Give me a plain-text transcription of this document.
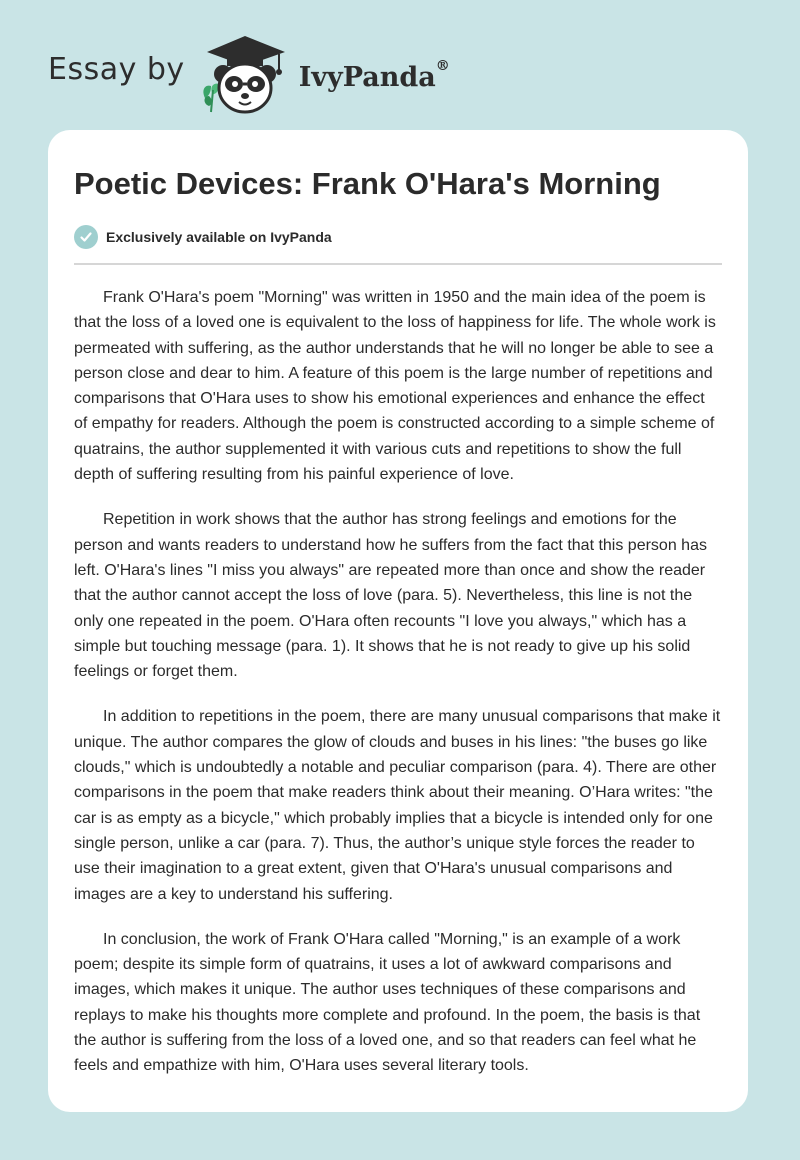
Essay by	IvyPanda®
Poetic Devices: Frank O'Hara's Morning
Exclusively available on IvyPanda

Frank O'Hara's poem "Morning" was written in 1950 and the main idea of the poem is that the loss of a loved one is equivalent to the loss of happiness for life. The whole work is permeated with suffering, as the author understands that he will no longer be able to see a person close and dear to him. A feature of this poem is the large number of repetitions and comparisons that O'Hara uses to show his emotional experiences and enhance the effect of empathy for readers. Although the poem is constructed according to a simple scheme of quatrains, the author supplemented it with various cuts and repetitions to show the full depth of suffering resulting from his painful experience of love.

Repetition in work shows that the author has strong feelings and emotions for the person and wants readers to understand how he suffers from the fact that this person has left. O'Hara's lines "I miss you always" are repeated more than once and show the reader that the author cannot accept the loss of love (para. 5). Nevertheless, this line is not the only one repeated in the poem. O'Hara often recounts "I love you always," which has a simple but touching message (para. 1). It shows that he is not ready to give up his solid feelings or forget them.

In addition to repetitions in the poem, there are many unusual comparisons that make it unique. The author compares the glow of clouds and buses in his lines: "the buses go like clouds," which is undoubtedly a notable and peculiar comparison (para. 4). There are other comparisons in the poem that make readers think about their meaning. O’Hara writes: "the car is as empty as a bicycle," which probably implies that a bicycle is intended only for one single person, unlike a car (para. 7). Thus, the author’s unique style forces the reader to use their imagination to a great extent, given that O'Hara's unusual comparisons and images are a key to understand his suffering.

In conclusion, the work of Frank O'Hara called "Morning," is an example of a work poem; despite its simple form of quatrains, it uses a lot of awkward comparisons and images, which makes it unique. The author uses techniques of these comparisons and replays to make his thoughts more complete and profound. In the poem, the basis is that the author is suffering from the loss of a loved one, and so that readers can feel what he feels and empathize with him, O'Hara uses several literary tools.
